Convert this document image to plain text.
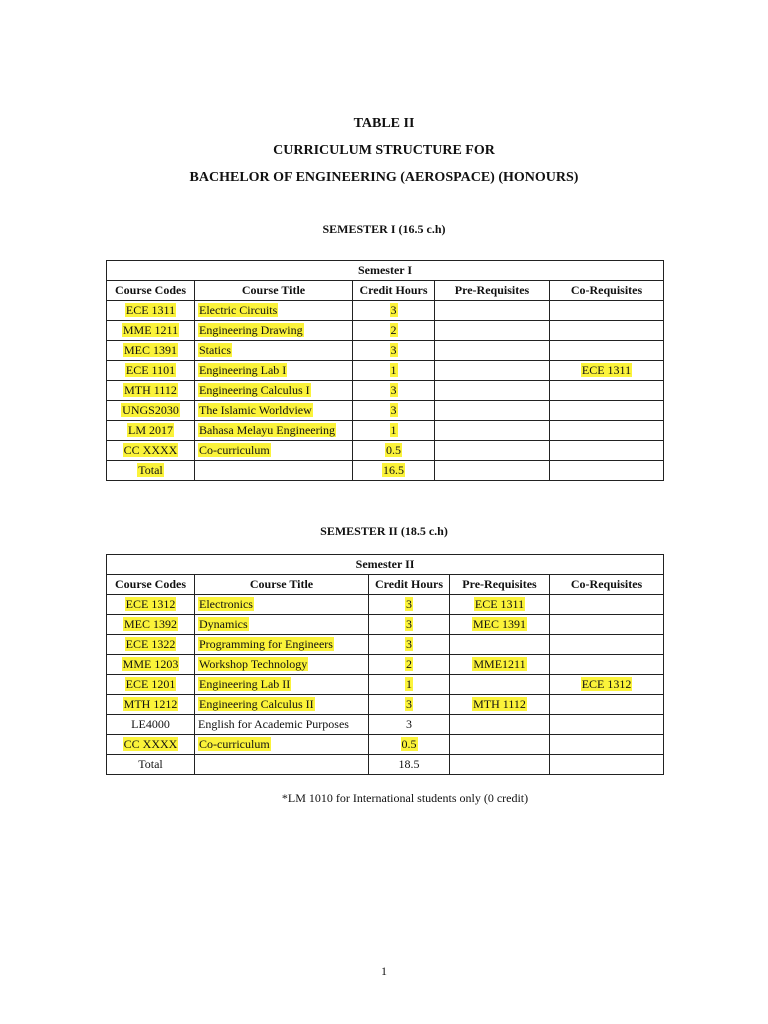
TABLE II
CURRICULUM STRUCTURE FOR
BACHELOR OF ENGINEERING (AEROSPACE) (HONOURS)
SEMESTER I (16.5 c.h)
Semester I				
Course Codes	Course Title	Credit Hours	Pre-Requisites	Co-Requisites
ECE 1311	Electric Circuits	3		
MME 1211	Engineering Drawing	2		
MEC 1391	Statics	3		
ECE 1101	Engineering Lab I	1		ECE 1311
MTH 1112	Engineering Calculus I	3		
UNGS2030	The Islamic Worldview	3		
LM 2017	Bahasa Melayu Engineering	1		
CC XXXX	Co-curriculum	0.5		
Total		16.5		
SEMESTER II (18.5 c.h)
Semester II				
Course Codes	Course Title	Credit Hours	Pre-Requisites	Co-Requisites
ECE 1312	Electronics	3	ECE 1311	
MEC 1392	Dynamics	3	MEC 1391	
ECE 1322	Programming for Engineers	3		
MME 1203	Workshop Technology	2	MME1211	
ECE 1201	Engineering Lab II	1		ECE 1312
MTH 1212	Engineering Calculus II	3	MTH 1112	
LE4000	English for Academic Purposes	3		
CC XXXX	Co-curriculum	0.5		
Total		18.5		
*LM 1010 for International students only (0 credit)
1
